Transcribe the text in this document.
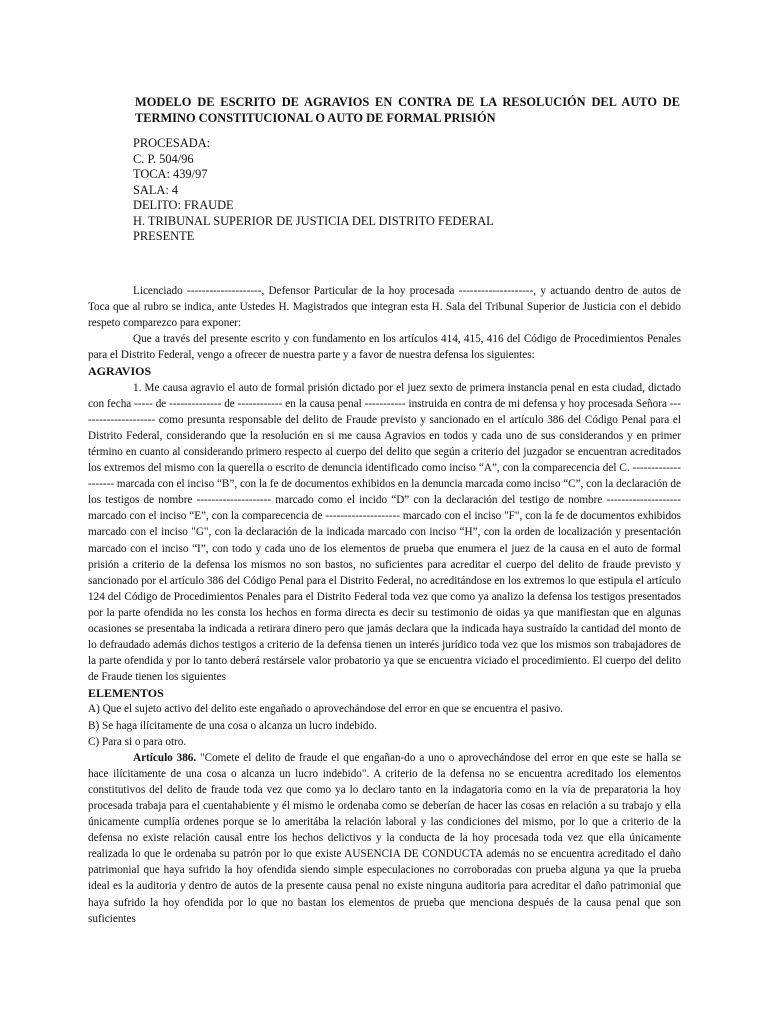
MODELO DE ESCRITO DE AGRAVIOS EN CONTRA DE LA RESOLUCIÓN DEL AUTO DE TERMINO CONSTITUCIONAL O AUTO DE FORMAL PRISIÓN
PROCESADA:
C. P. 504/96
TOCA: 439/97
SALA: 4
DELITO: FRAUDE
H. TRIBUNAL SUPERIOR DE JUSTICIA DEL DISTRITO FEDERAL
PRESENTE

Licenciado --------------------, Defensor Particular de la hoy procesada --------------------, y actuando dentro de autos de Toca que al rubro se indica, ante Ustedes H. Magistrados que integran esta H. Sala del Tribunal Superior de Justicia con el debido respeto comparezco para exponer:

Que a través del presente escrito y con fundamento en los artículos 414, 415, 416 del Código de Procedimientos Penales para el Distrito Federal, vengo a ofrecer de nuestra parte y a favor de nuestra defensa los siguientes:

AGRAVIOS

1. Me causa agravio el auto de formal prisión dictado por el juez sexto de primera instancia penal en esta ciudad, dictado con fecha ----- de -------------- de ------------ en la causa penal ----------- instruida en contra de mi defensa y hoy procesada Señora --------------------- como presunta responsable del delito de Fraude previsto y sancionado en el artículo 386 del Código Penal para el Distrito Federal, considerando que la resolución en si me causa Agravios en todos y cada uno de sus considerandos y en primer término en cuanto al considerando primero respecto al cuerpo del delito que según a criterio del juzgador se encuentran acreditados los extremos del mismo con la querella o escrito de denuncia identificado como inciso “A”, con la comparecencia del C. -------------------- marcada con el inciso “B”, con la fe de documentos exhibidos en la denuncia marcada como inciso “C”, con la declaración de los testigos de nombre -------------------- marcado como el incido “D” con la declaración del testigo de nombre -------------------- marcado con el inciso “E”, con la comparecencia de -------------------- marcado con el inciso "F", con la fe de documentos exhibidos marcado con el inciso "G", con la declaración de la indicada marcado con inciso “H”, con la orden de localización y presentación marcado con el inciso “I”, con todo y cada uno de los elementos de prueba que enumera el juez de la causa en el auto de formal prisión a criterio de la defensa los mismos no son bastos, no suficientes para acreditar el cuerpo del delito de fraude previsto y sancionado por el artículo 386 del Código Penal para el Distrito Federal, no acreditándose en los extremos lo que estipula el artículo 124 del Código de Procedimientos Penales para el Distrito Federal toda vez que como ya analizo la defensa los testigos presentados por la parte ofendida no les consta los hechos en forma directa es decir su testimonio de oidas ya que manifiestan que en algunas ocasiones se presentaba la indicada a retirara dinero pero que jamás declara que la indicada haya sustraído la cantidad del monto de lo defraudado además dichos testigos a criterio de la defensa tienen un interés jurídico toda vez que los mismos son trabajadores de la parte ofendida y por lo tanto deberá restársele valor probatorio ya que se encuentra viciado el procedimiento. El cuerpo del delito de Fraude tienen los siguientes

ELEMENTOS

A) Que el sujeto activo del delito este engañado o aprovechándose del error en que se encuentra el pasivo.

B) Se haga ilícitamente de una cosa o alcanza un lucro indebido.

C) Para si o para otro.

Artículo 386. "Comete el delito de fraude el que engañan-do a uno o aprovechándose del error en que este se halla se hace ilícitamente de una cosa o alcanza un lucro indebido". A criterio de la defensa no se encuentra acreditado los elementos constitutivos del delito de fraude toda vez que como ya lo declaro tanto en la indagatoria como en la vía de preparatoria la hoy procesada trabaja para el cuentahabiente y él mismo le ordenaba como se deberían de hacer las cosas en relación a su trabajo y ella únicamente cumplía ordenes porque se lo ameritába la relación laboral y las condiciones del mismo, por lo que a criterio de la defensa no existe relación causal entre los hechos delictivos y la conducta de la hoy procesada toda vez que ella únicamente realizada lo que le ordenaba su patrón por lo que existe AUSENCIA DE CONDUCTA además no se encuentra acreditado el daño patrimonial que haya sufrido la hoy ofendida siendo simple especulaciones no corroboradas con prueba alguna ya que la prueba ideal es la auditoria y dentro de autos de la presente causa penal no existe ninguna auditoria para acreditar el daño patrimonial que haya sufrido la hoy ofendida por lo que no bastan los elementos de prueba que menciona después de la causa penal que son suficientes
